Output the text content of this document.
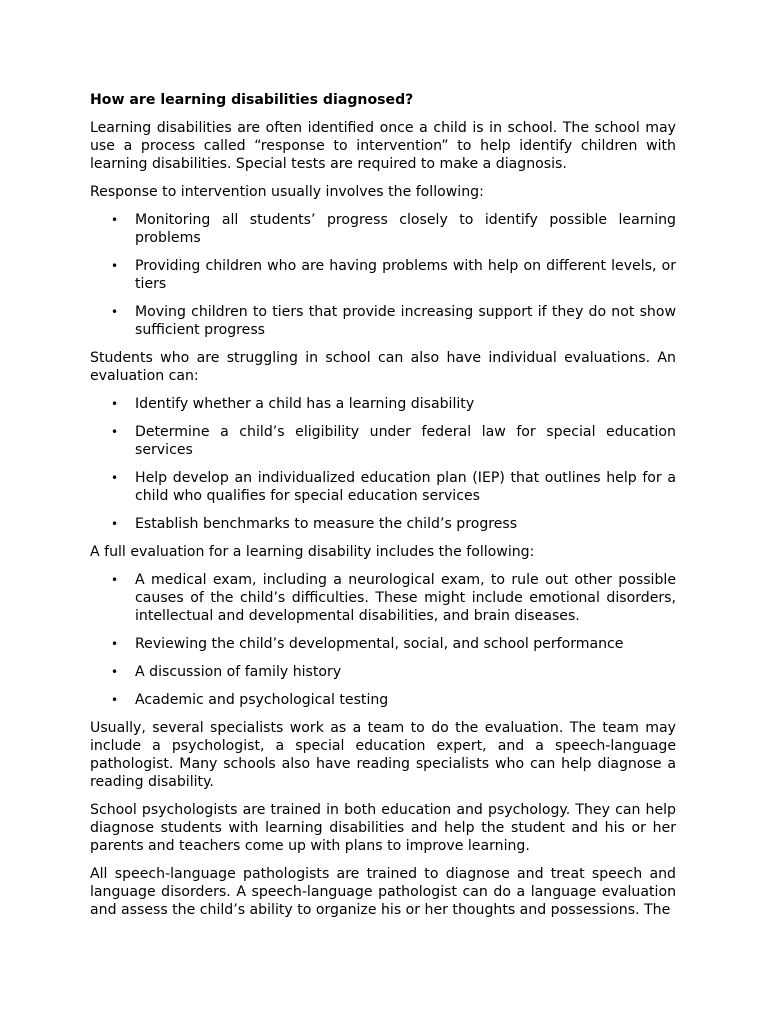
How are learning disabilities diagnosed?

Learning disabilities are often identified once a child is in school. The school may use a process called “response to intervention” to help identify children with learning disabilities. Special tests are required to make a diagnosis.

Response to intervention usually involves the following:

• Monitoring all students’ progress closely to identify possible learning problems
• Providing children who are having problems with help on different levels, or tiers
• Moving children to tiers that provide increasing support if they do not show sufficient progress

Students who are struggling in school can also have individual evaluations. An evaluation can:

• Identify whether a child has a learning disability
• Determine a child’s eligibility under federal law for special education services
• Help develop an individualized education plan (IEP) that outlines help for a child who qualifies for special education services
• Establish benchmarks to measure the child’s progress

A full evaluation for a learning disability includes the following:

• A medical exam, including a neurological exam, to rule out other possible causes of the child’s difficulties. These might include emotional disorders, intellectual and developmental disabilities, and brain diseases.
• Reviewing the child’s developmental, social, and school performance
• A discussion of family history
• Academic and psychological testing

Usually, several specialists work as a team to do the evaluation. The team may include a psychologist, a special education expert, and a speech-language pathologist. Many schools also have reading specialists who can help diagnose a reading disability.

School psychologists are trained in both education and psychology. They can help diagnose students with learning disabilities and help the student and his or her parents and teachers come up with plans to improve learning.

All speech-language pathologists are trained to diagnose and treat speech and language disorders. A speech-language pathologist can do a language evaluation and assess the child’s ability to organize his or her thoughts and possessions. The
